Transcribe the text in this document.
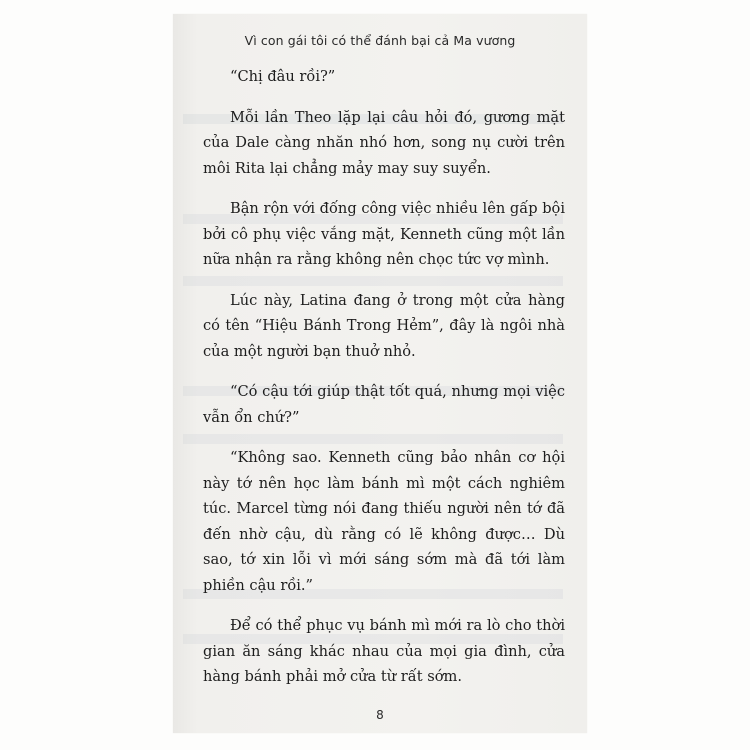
Vì con gái tôi có thể đánh bại cả Ma vương

“Chị đâu rồi?”

Mỗi lần Theo lặp lại câu hỏi đó, gương mặt của Dale càng nhăn nhó hơn, song nụ cười trên môi Rita lại chẳng mảy may suy suyển.

Bận rộn với đống công việc nhiều lên gấp bội bởi cô phụ việc vắng mặt, Kenneth cũng một lần nữa nhận ra rằng không nên chọc tức vợ mình.

Lúc này, Latina đang ở trong một cửa hàng có tên “Hiệu Bánh Trong Hẻm”, đây là ngôi nhà của một người bạn thuở nhỏ.

“Có cậu tới giúp thật tốt quá, nhưng mọi việc vẫn ổn chứ?”

“Không sao. Kenneth cũng bảo nhân cơ hội này tớ nên học làm bánh mì một cách nghiêm túc. Marcel từng nói đang thiếu người nên tớ đã đến nhờ cậu, dù rằng có lẽ không được… Dù sao, tớ xin lỗi vì mới sáng sớm mà đã tới làm phiền cậu rồi.”

Để có thể phục vụ bánh mì mới ra lò cho thời gian ăn sáng khác nhau của mọi gia đình, cửa hàng bánh phải mở cửa từ rất sớm.

8
